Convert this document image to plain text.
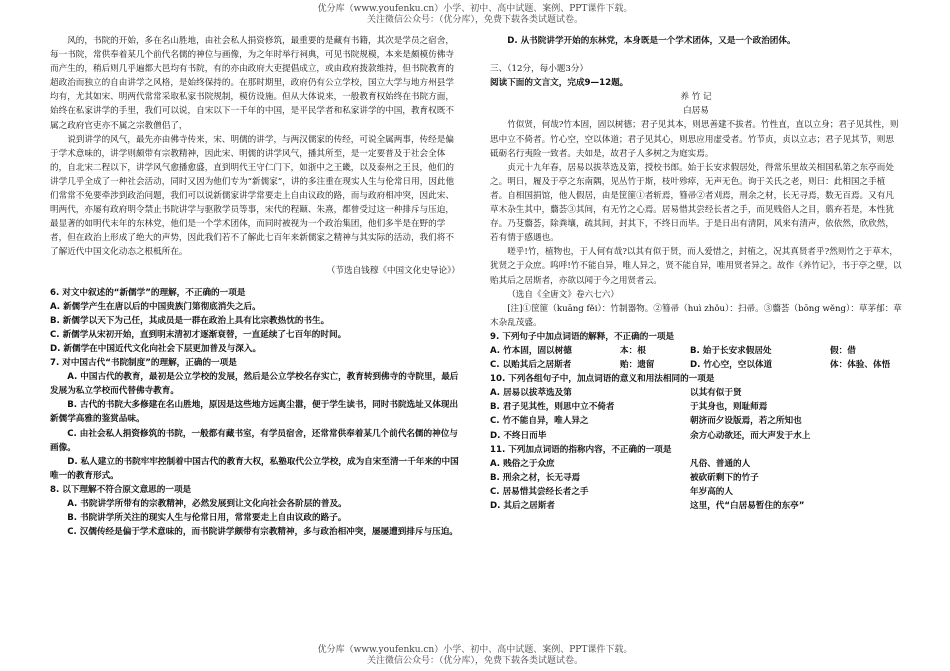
优分库（www.youfenku.cn）小学、初中、高中试题、案例、PPT课件下载。
关注微信公众号：（优分库），免费下载各类试题试卷。

风的，书院的开始，多在名山胜地，由社会私人捐资修筑，最重要的是藏有书籍，其次是学员之宿舍，每一书院，常供奉着某几个前代名儒的神位与画像，为之年时举行祠典，可见书院规模，本来是颇模仿佛寺而产生的，稍后则几乎遍都大邑均有书院，有的亦由政府大吏提倡成立，或由政府拨款维持，但书院教育的超政治而独立的自由讲学之风格，是始终保持的。在那时期里，政府仍有公立学校，国立大学与地方州县学均有，尤其如宋、明两代常常采取私家书院规制，模仿设施。但从大体说来，一般教育权始终在书院方面，始终在私家讲学的手里，我们可以说，自宋以下一千年的中国，是平民学者和私家讲学的中国，教育权既不属之政府官吏亦不属之宗教僧侣了，

说到讲学的风气，最先亦由佛寺传来，宋、明儒的讲学，与两汉儒家的传经，可说全属两事，传经是偏于学术意味的，讲学则颇带有宗教精神，因此宋、明儒的讲学风气，播其所至，是一定要普及于社会全体的，自北宋二程以下，讲学风气愈播愈盛，直到明代王守仁门下，如浙中之王畿，以及泰州之王艮，他们的讲学几乎全成了一种社会活动，同时又因为他们专为“新儒家”，讲的多注重在现实人生与伦常日用，因此他们常常不免要牵涉到政治问题，我们可以说新儒家讲学常要走上自由议政的路，而与政府相冲突，因此宋、明两代，亦屡有政府明令禁止书院讲学与驱散学员等事，宋代的程颐、朱熹，都曾受过这一种排斥与压迫，最显著的如明代末年的东林党，他们是一个学术团体，而同时被视为一个政治集团，他们多半是在野的学者，但在政治上形成了绝大的声势，因此我们若不了解此七百年来新儒家之精神与其实际的活动，我们将不了解近代中国文化动态之根柢所在。

（节选自钱穆《中国文化史导论》）

6. 对文中叙述的“新儒学”的理解，不正确的一项是

A. 新儒学产生在唐以后的中国贵族门第彻底消失之后。

B. 新儒学以天下为己任，其成员是一群在政治上具有比宗教热忱的书生。

C. 新儒学从宋初开始，直到明末清初才逐渐衰替，一直延续了七百年的时间。

D. 新儒学在中国近代文化向社会下层更加普及与深入。

7. 对中国古代“书院制度”的理解，正确的一项是

A. 中国古代的教育，最初是公立学校的发展，然后是公立学校名存实亡，教育转到佛寺的寺院里，最后发展为私立学校而代替佛寺教育。

B. 古代的书院大多修建在名山胜地，原因是这些地方远离尘嚣，便于学生读书，同时书院选址又体现出新儒学高雅的鉴赏品味。

C. 由社会私人捐资修筑的书院，一般都有藏书室，有学员宿舍，还常常供奉着某几个前代名儒的神位与画像。

D. 私人建立的书院牢牢控制着中国古代的教育大权，私塾取代公立学校，成为自宋至清一千年来的中国唯一的教育形式。

8. 以下理解不符合原文意思的一项是

A. 书院讲学所带有的宗教精神，必然发展到让文化向社会各阶层的普及。

B. 书院讲学所关注的现实人生与伦常日用，常常要走上自由议政的路子。

C. 汉儒传经是偏于学术意味的，而书院讲学颇带有宗教精神，多与政治相冲突，屡屡遭到排斥与压迫。

D. 从书院讲学开始的东林党，本身既是一个学术团体，又是一个政治团体。

三、（12分，每小题3分）

阅读下面的文言文，完成9—12题。

养 竹 记

白居易

竹似贤，何哉?竹本固，固以树德；君子见其本，则思善建不拔者。竹性直，直以立身；君子见其性，则思中立不倚者。竹心空，空以体道；君子见其心，则思应用虚受者。竹节贞，贞以立志；君子见其节，则思砥砺名行夷险一致者。夫如是，故君子人多树之为庭实焉。

贞元十九年春，居易以拔萃选及第，授校书郎。始于长安求假居处，得常乐里故关相国私第之东亭而处之。明日，履及于亭之东南隅，见丛竹于斯，枝叶殄瘁，无声无色。询于关氏之老，则曰：此相国之手植者。自相国捐馆，他人假居，由是筐篚①者斩焉，篲帚②者刈焉，刑余之材，长无寻焉，数无百焉。又有凡草木杂生其中，蘙荟③其间，有无竹之心焉。居易惜其尝经长者之手，而见贱俗人之目，翦弃若是，本性犹存。乃芟蘙荟，除粪壤，疏其间，封其下，不终日而毕。于是日出有清阴，风来有清声，依依然，欣欣然，若有情于感遇也。

嗟乎!竹，植物也，于人何有哉?以其有似于贤，而人爱惜之，封植之，况其真贤者乎?然则竹之于草木，犹贤之于众庶。呜呼!竹不能自异，唯人异之，贤不能自异，唯用贤者异之。故作《养竹记》，书于亭之壁，以贻其后之居斯者，亦欲以闻于今之用贤者云。

（选自《全唐文》卷六七六）

[注]①筐篚（kuāng fěi）：竹制器物。②篲帚（huì zhǒu）：扫帚。③蘙荟（bōng wěng）：草茅郁：草木杂乱茂盛。

9. 下列句子中加点词语的解释，不正确的一项是

A. 竹本固，固以树德	本：根	B. 始于长安求假居处	假：借

C. 以贻其后之居斯者	贻：遗留	D. 竹心空，空以体道	体：体验、体悟

10. 下列各组句子中，加点词语的意义和用法相同的一项是

A. 居易以拔萃选及第	以其有似于贤

B. 君子见其性，则思中立不倚者	于其身也，则耻师焉

C. 竹不能自异，唯人异之	朝济而夕设版焉，若之所知也

D. 不终日而毕	余方心动欲还，而大声发于水上

11. 下列加点词语的指称内容，不正确的一项是

A. 贱俗之于众庶	凡俗、普通的人

B. 刑余之材，长无寻焉	被砍斫剩下的竹子

C. 居易惜其尝经长者之手	年岁高的人

D. 其后之居斯者	这里，代“白居易暂住的东亭”

优分库（www.youfenku.cn）小学、初中、高中试题、案例、PPT课件下载。
关注微信公众号：（优分库），免费下载各类试题试卷。
